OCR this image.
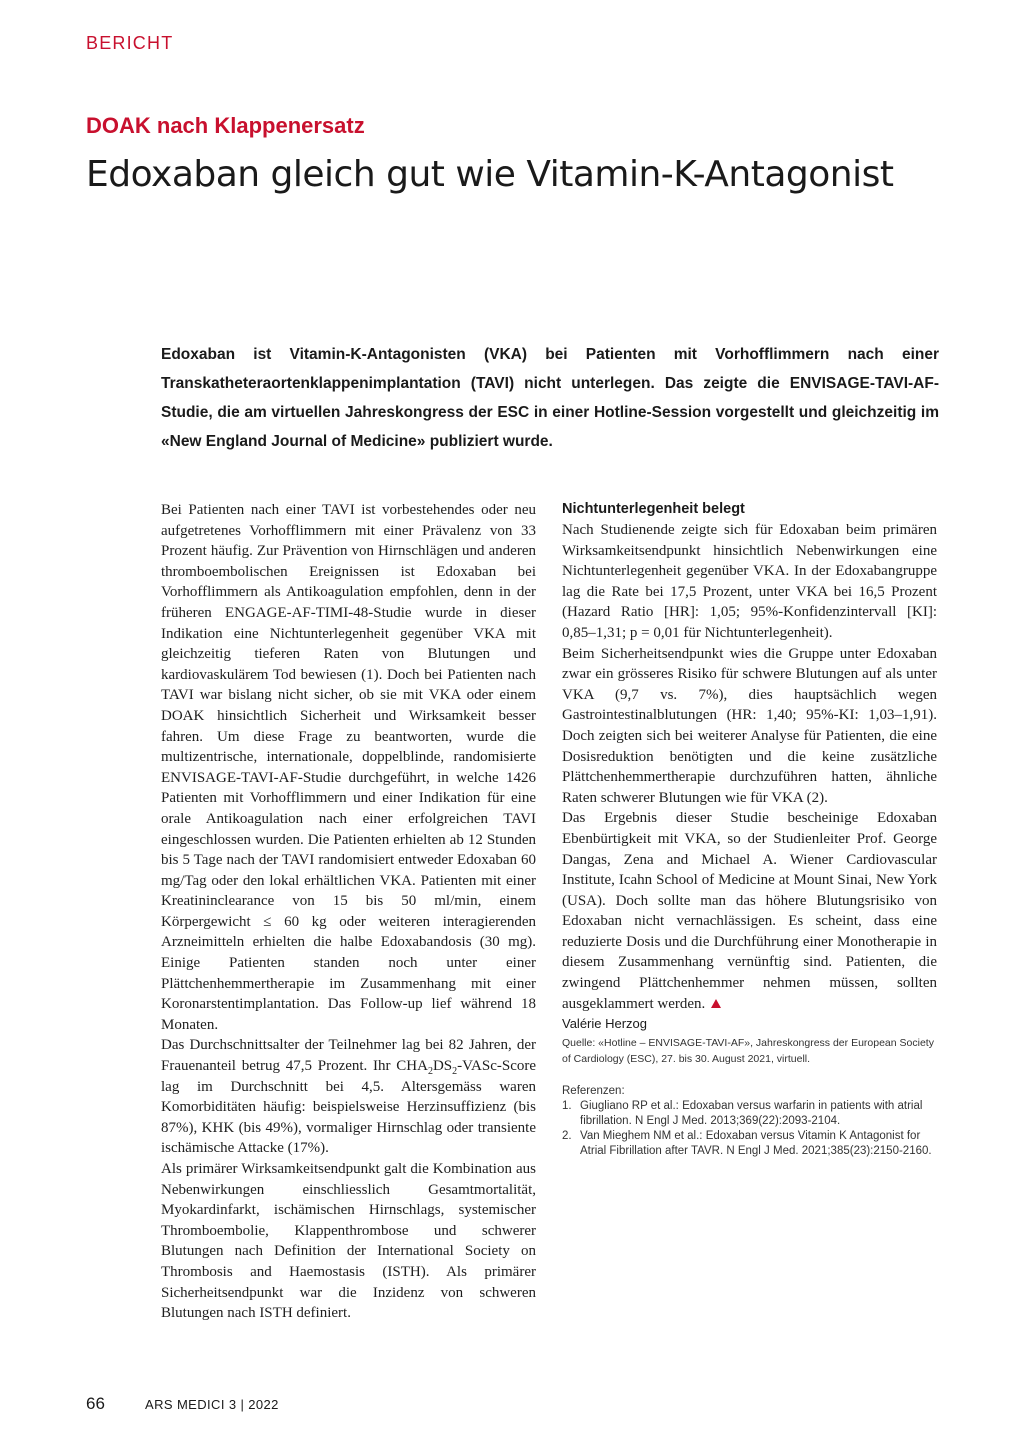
BERICHT
DOAK nach Klappenersatz
Edoxaban gleich gut wie Vitamin-K-Antagonist

Edoxaban ist Vitamin-K-Antagonisten (VKA) bei Patienten mit Vorhofflimmern nach einer Transkatheteraortenklappenimplantation (TAVI) nicht unterlegen. Das zeigte die ENVISAGE-TAVI-AF-Studie, die am virtuellen Jahreskongress der ESC in einer Hotline-Session vorgestellt und gleichzeitig im «New England Journal of Medicine» publiziert wurde.

Bei Patienten nach einer TAVI ist vorbestehendes oder neu aufgetretenes Vorhofflimmern mit einer Prävalenz von 33 Prozent häufig. Zur Prävention von Hirnschlägen und anderen thromboembolischen Ereignissen ist Edoxaban bei Vorhofflimmern als Antikoagulation empfohlen, denn in der früheren ENGAGE-AF-TIMI-48-Studie wurde in dieser Indikation eine Nichtunterlegenheit gegenüber VKA mit gleichzeitig tieferen Raten von Blutungen und kardiovaskulärem Tod bewiesen (1). Doch bei Patienten nach TAVI war bislang nicht sicher, ob sie mit VKA oder einem DOAK hinsichtlich Sicherheit und Wirksamkeit besser fahren. Um diese Frage zu beantworten, wurde die multizentrische, internationale, doppelblinde, randomisierte ENVISAGE-TAVI-AF-Studie durchgeführt, in welche 1426 Patienten mit Vorhofflimmern und einer Indikation für eine orale Antikoagulation nach einer erfolgreichen TAVI eingeschlossen wurden. Die Patienten erhielten ab 12 Stunden bis 5 Tage nach der TAVI randomisiert entweder Edoxaban 60 mg/Tag oder den lokal erhältlichen VKA. Patienten mit einer Kreatininclearance von 15 bis 50 ml/min, einem Körpergewicht ≤ 60 kg oder weiteren interagierenden Arzneimitteln erhielten die halbe Edoxabandosis (30 mg). Einige Patienten standen noch unter einer Plättchenhemmertherapie im Zusammenhang mit einer Koronarstentimplantation. Das Follow-up lief während 18 Monaten.

Das Durchschnittsalter der Teilnehmer lag bei 82 Jahren, der Frauenanteil betrug 47,5 Prozent. Ihr $CHA_2DS_2-VASc$-Score lag im Durchschnitt bei 4,5. Altersgemäss waren Komorbiditäten häufig: beispielsweise Herzinsuffizienz (bis 87%), KHK (bis 49%), vormaliger Hirnschlag oder transiente ischämische Attacke (17%).

Als primärer Wirksamkeitsendpunkt galt die Kombination aus Nebenwirkungen einschliesslich Gesamtmortalität, Myokardinfarkt, ischämischen Hirnschlags, systemischer Thromboembolie, Klappenthrombose und schwerer Blutungen nach Definition der International Society on Thrombosis and Haemostasis (ISTH). Als primärer Sicherheitsendpunkt war die Inzidenz von schweren Blutungen nach ISTH definiert.

Nichtunterlegenheit belegt

Nach Studienende zeigte sich für Edoxaban beim primären Wirksamkeitsendpunkt hinsichtlich Nebenwirkungen eine Nichtunterlegenheit gegenüber VKA. In der Edoxabangruppe lag die Rate bei 17,5 Prozent, unter VKA bei 16,5 Prozent (Hazard Ratio [HR]: 1,05; 95%-Konfidenzintervall [KI]: 0,85–1,31; p = 0,01 für Nichtunterlegenheit).

Beim Sicherheitsendpunkt wies die Gruppe unter Edoxaban zwar ein grösseres Risiko für schwere Blutungen auf als unter VKA (9,7 vs. 7%), dies hauptsächlich wegen Gastrointestinalblutungen (HR: 1,40; 95%-KI: 1,03–1,91). Doch zeigten sich bei weiterer Analyse für Patienten, die eine Dosisreduktion benötigten und die keine zusätzliche Plättchenhemmertherapie durchzuführen hatten, ähnliche Raten schwerer Blutungen wie für VKA (2).

Das Ergebnis dieser Studie bescheinige Edoxaban Ebenbürtigkeit mit VKA, so der Studienleiter Prof. George Dangas, Zena and Michael A. Wiener Cardiovascular Institute, Icahn School of Medicine at Mount Sinai, New York (USA). Doch sollte man das höhere Blutungsrisiko von Edoxaban nicht vernachlässigen. Es scheint, dass eine reduzierte Dosis und die Durchführung einer Monotherapie in diesem Zusammenhang vernünftig sind. Patienten, die zwingend Plättchenhemmer nehmen müssen, sollten ausgeklammert werden.

Valérie Herzog

Quelle: «Hotline – ENVISAGE-TAVI-AF», Jahreskongress der European Society of Cardiology (ESC), 27. bis 30. August 2021, virtuell.

Referenzen:
1. Giugliano RP et al.: Edoxaban versus warfarin in patients with atrial fibrillation. N Engl J Med. 2013;369(22):2093-2104.
2. Van Mieghem NM et al.: Edoxaban versus Vitamin K Antagonist for Atrial Fibrillation after TAVR. N Engl J Med. 2021;385(23):2150-2160.
66	ARS MEDICI 3 | 2022
